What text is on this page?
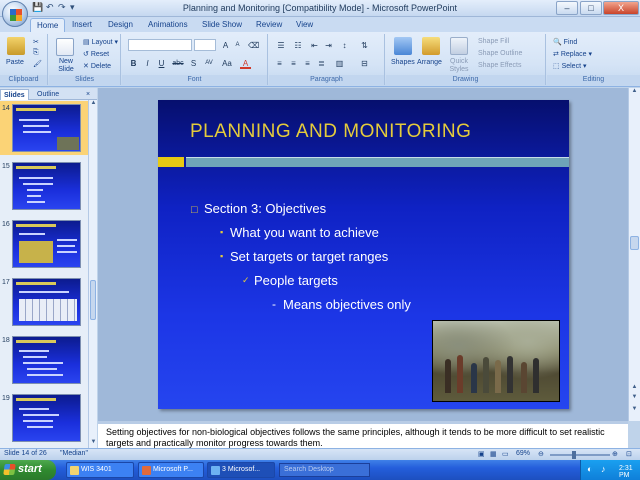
💾 ↶ ↷ ▾	Planning and Monitoring [Compatibility Mode] - Microsoft PowerPoint	–	□	X
Home	Insert	Design	Animations	Slide Show	Review	View
Paste
✂
⎘
🖌
Clipboard
New Slide
▤ Layout ▾
↺ Reset
✕ Delete
Slides
A	A	⌫
B	I	U	abc S	AV	Aa	A
Font
☰	☷	⇤ ⇥	↕	⇅
≡	≡	≡	≣ ▥ ⊟
Paragraph
Shapes Arrange	Quick Styles
Shape Fill
Shape Outline
Shape Effects
Drawing
🔍 Find
⇄ Replace ▾
⬚ Select ▾
Editing
Slides	Outline	×
14
15
16
17
18
19
▲
▼
PLANNING AND MONITORING
□ Section 3: Objectives
▪ What you want to achieve
▪ Set targets or target ranges
✓ People targets
- Means objectives only
▲
▲
▼
▼
Setting objectives for non-biological objectives follows the same principles, although it tends to be more difficult to set realistic targets and practically monitor progress towards them.
Slide 14 of 26 "Median"	▣ ▦ ▭ 69% ⊖	⊕ ⊡
start	WIS 3401	Microsoft P...	3 Microsof...	Search Desktop	◐ ♪ 2:31 PM
